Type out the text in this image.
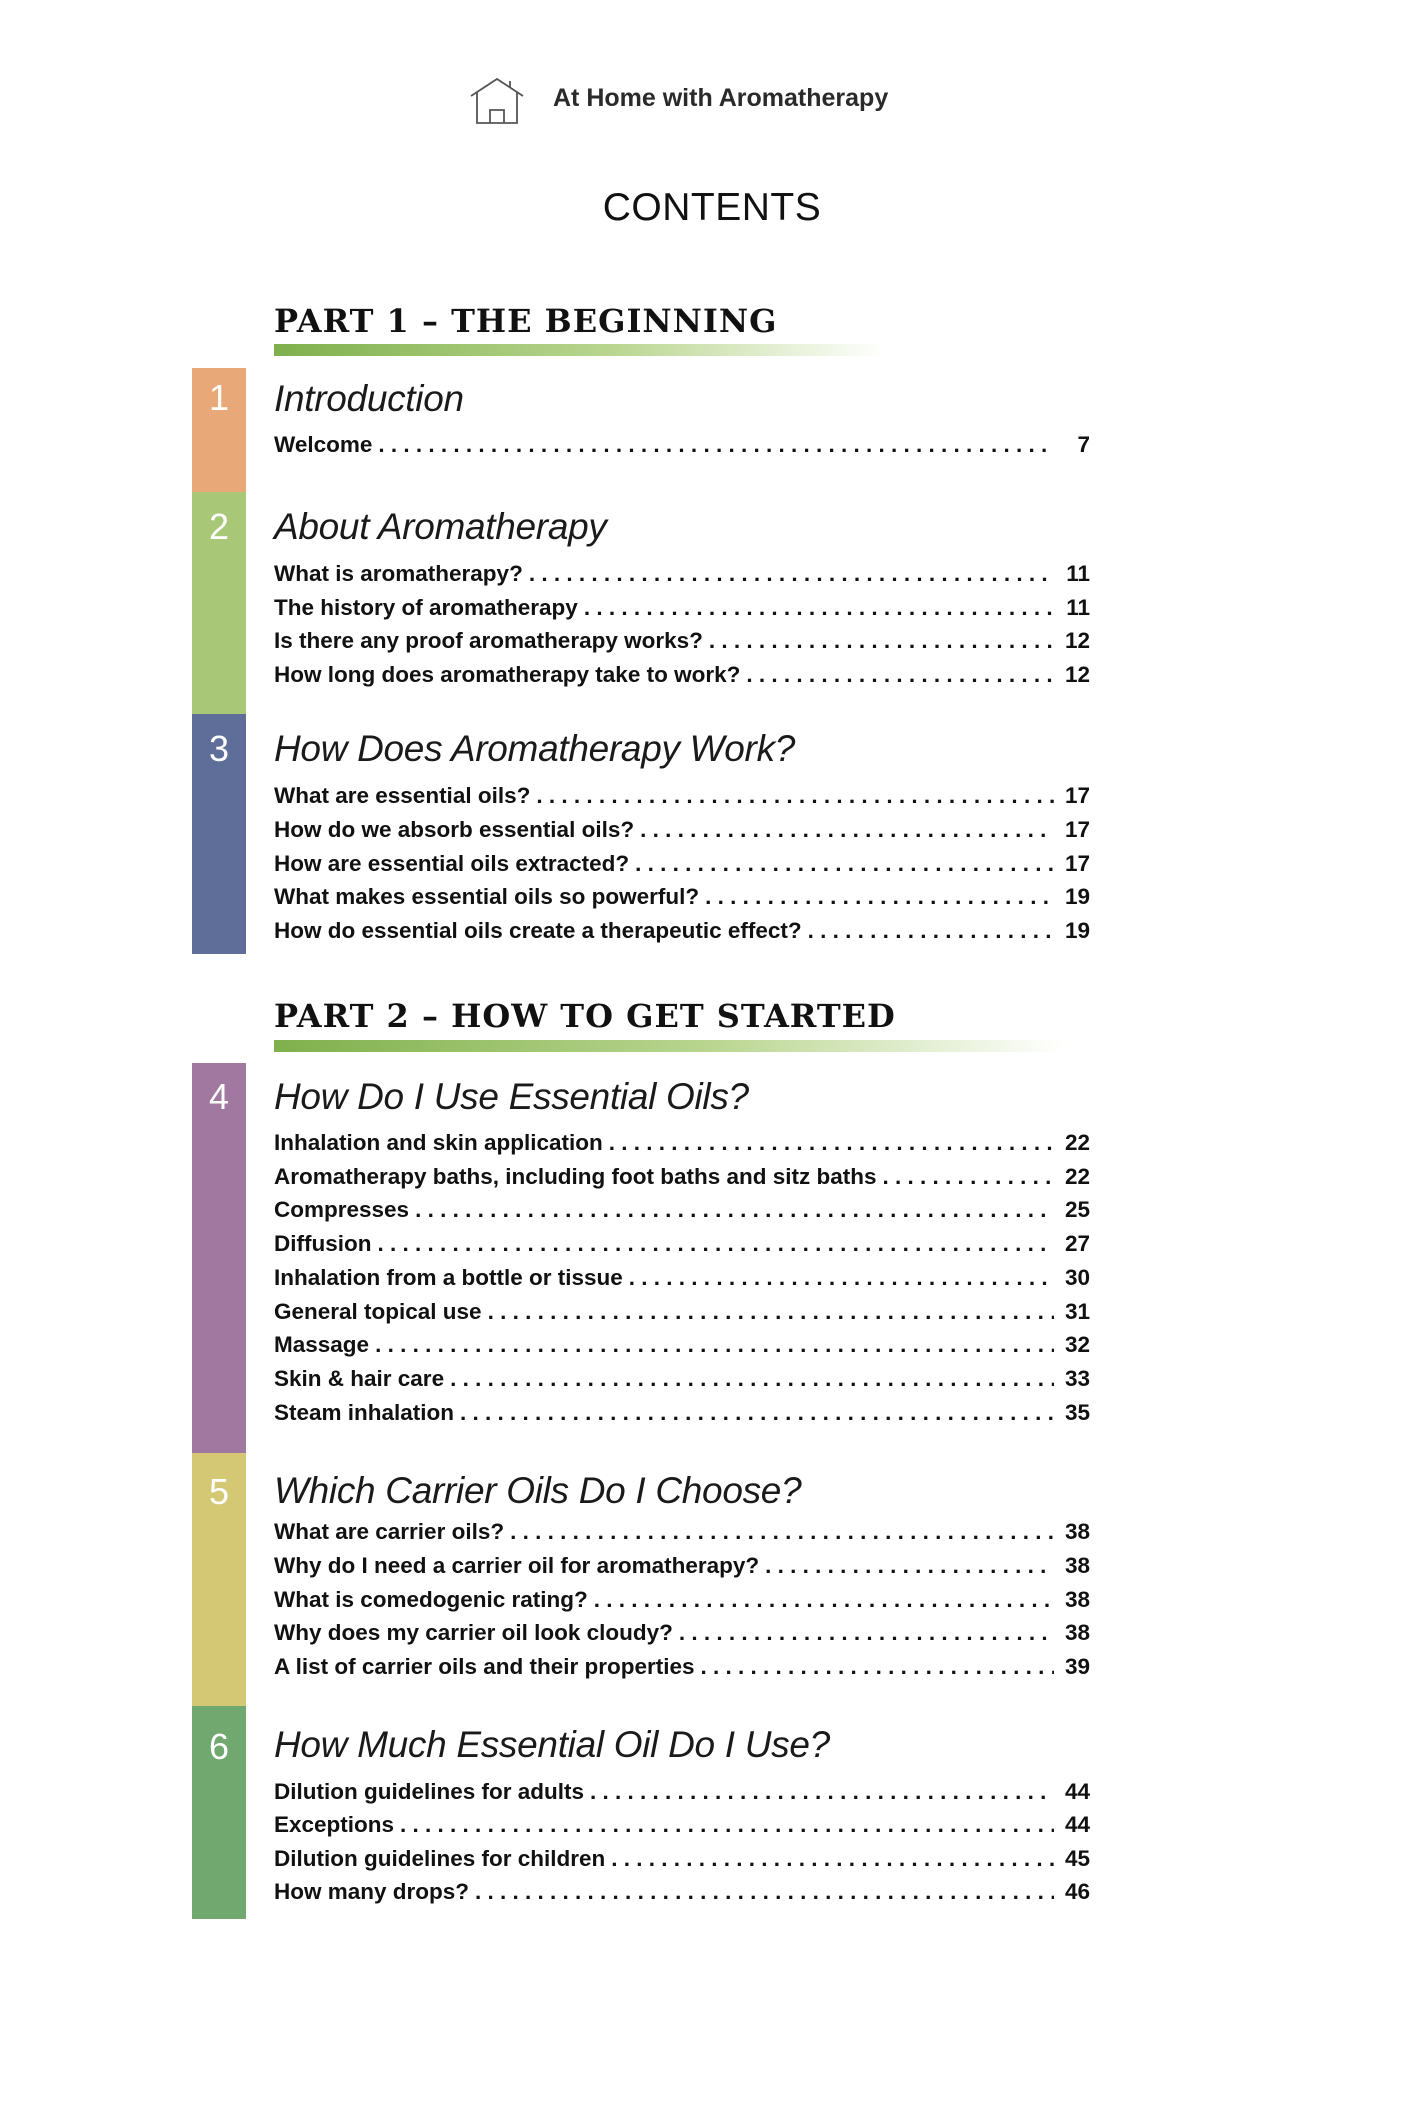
At Home with Aromatherapy
CONTENTS
PART 1 – THE BEGINNING
1	Introduction
Welcome . . .	7
2	About Aromatherapy
What is aromatherapy? . . .	11
The history of aromatherapy . . .	11
Is there any proof aromatherapy works? . . .	12
How long does aromatherapy take to work? . . .	12
3	How Does Aromatherapy Work?
What are essential oils? . . .	17
How do we absorb essential oils? . . .	17
How are essential oils extracted? . . .	17
What makes essential oils so powerful? . . .	19
How do essential oils create a therapeutic effect? . . .	19
PART 2 – HOW TO GET STARTED
4	How Do I Use Essential Oils?
Inhalation and skin application . . .	22
Aromatherapy baths, including foot baths and sitz baths . . .	22
Compresses . . .	25
Diffusion . . .	27
Inhalation from a bottle or tissue . . .	30
General topical use . . .	31
Massage . . .	32
Skin & hair care . . .	33
Steam inhalation . . .	35
5	Which Carrier Oils Do I Choose?
What are carrier oils? . . .	38
Why do I need a carrier oil for aromatherapy? . . .	38
What is comedogenic rating? . . .	38
Why does my carrier oil look cloudy? . . .	38
A list of carrier oils and their properties . . .	39
6	How Much Essential Oil Do I Use?
Dilution guidelines for adults . . .	44
Exceptions . . .	44
Dilution guidelines for children . . .	45
How many drops? . . .	46
